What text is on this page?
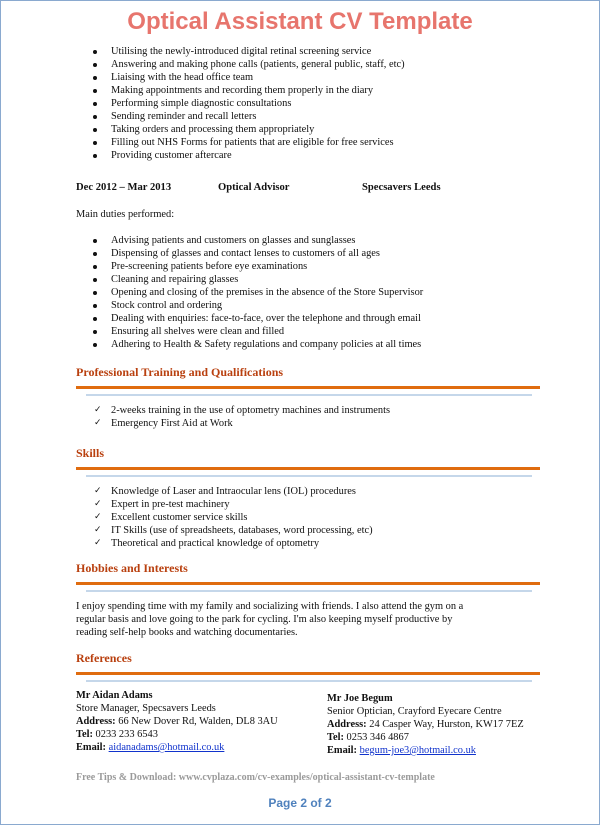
Optical Assistant CV Template
Utilising the newly-introduced digital retinal screening service
Answering and making phone calls (patients, general public, staff, etc)
Liaising with the head office team
Making appointments and recording them properly in the diary
Performing simple diagnostic consultations
Sending reminder and recall letters
Taking orders and processing them appropriately
Filling out NHS Forms for patients that are eligible for free services
Providing customer aftercare
Dec 2012 – Mar 2013	Optical Advisor	Specsavers Leeds
Main duties performed:
Advising patients and customers on glasses and sunglasses
Dispensing of glasses and contact lenses to customers of all ages
Pre-screening patients before eye examinations
Cleaning and repairing glasses
Opening and closing of the premises in the absence of the Store Supervisor
Stock control and ordering
Dealing with enquiries: face-to-face, over the telephone and through email
Ensuring all shelves were clean and filled
Adhering to Health & Safety regulations and company policies at all times
Professional Training and Qualifications
✓ 2-weeks training in the use of optometry machines and instruments
✓ Emergency First Aid at Work
Skills
✓ Knowledge of Laser and Intraocular lens (IOL) procedures
✓ Expert in pre-test machinery
✓ Excellent customer service skills
✓ IT Skills (use of spreadsheets, databases, word processing, etc)
✓ Theoretical and practical knowledge of optometry
Hobbies and Interests
I enjoy spending time with my family and socializing with friends. I also attend the gym on a
regular basis and love going to the park for cycling. I'm also keeping myself productive by
reading self-help books and watching documentaries.
References
Mr Aidan Adams
Store Manager, Specsavers Leeds
Address: 66 New Dover Rd, Walden, DL8 3AU
Tel: 0233 233 6543
Email: aidanadams@hotmail.co.uk
Mr Joe Begum
Senior Optician, Crayford Eyecare Centre
Address: 24 Casper Way, Hurston, KW17 7EZ
Tel: 0253 346 4867
Email: begum-joe3@hotmail.co.uk
Free Tips & Download: www.cvplaza.com/cv-examples/optical-assistant-cv-template
Page 2 of 2
